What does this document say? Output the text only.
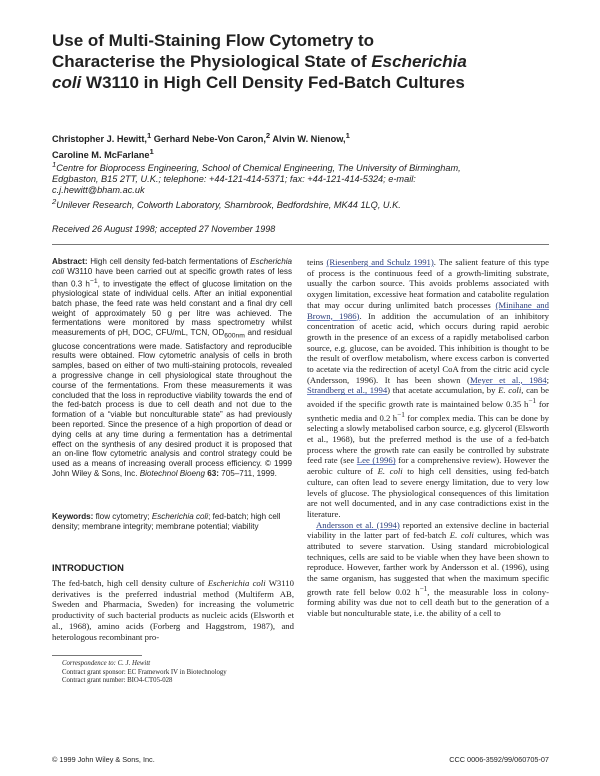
Use of Multi-Staining Flow Cytometry to Characterise the Physiological State of Escherichia coli W3110 in High Cell Density Fed-Batch Cultures
Christopher J. Hewitt,$^1$ Gerhard Nebe-Von Caron,$^2$ Alvin W. Nienow,$^1$
Caroline M. McFarlane$^1$

$^1$Centre for Bioprocess Engineering, School of Chemical Engineering, The University of Birmingham, Edgbaston, B15 2TT, U.K.; telephone: +44-121-414-5371; fax: +44-121-414-5324; e-mail: c.j.hewitt@bham.ac.uk

$^2$Unilever Research, Colworth Laboratory, Sharnbrook, Bedfordshire, MK44 1LQ, U.K.

Received 26 August 1998; accepted 27 November 1998

Abstract: High cell density fed-batch fermentations of Escherichia coli W3110 have been carried out at specific growth rates of less than 0.3 $h^{-1}$, to investigate the effect of glucose limitation on the physiological state of individual cells. After an initial exponential batch phase, the feed rate was held constant and a final dry cell weight of approximately 50 g per litre was achieved. The fermentations were monitored by mass spectrometry whilst measurements of pH, DOC, CFU/mL, TCN, $OD_{600nm}$ and residual glucose concentrations were made. Satisfactory and reproducible results were obtained. Flow cytometric analysis of cells in broth samples, based on either of two multi-staining protocols, revealed a progressive change in cell physiological state throughout the course of the fermentations. From these measurements it was concluded that the loss in reproductive viability towards the end of the fed-batch process is due to cell death and not due to the formation of a “viable but nonculturable state” as had previously been reported. Since the presence of a high proportion of dead or dying cells at any time during a fermentation has a detrimental effect on the synthesis of any desired product it is proposed that an on-line flow cytometric analysis and control strategy could be used as a means of increasing overall process efficiency. © 1999 John Wiley & Sons, Inc. Biotechnol Bioeng 63: 705–711, 1999.

Keywords: flow cytometry; Escherichia coli; fed-batch; high cell density; membrane integrity; membrane potential; viability

INTRODUCTION

The fed-batch, high cell density culture of Escherichia coli W3110 derivatives is the preferred industrial method (Multiferm AB, Sweden and Pharmacia, Sweden) for increasing the volumetric productivity of such bacterial products as nucleic acids (Elsworth et al., 1968), amino acids (Forberg and Haggstrom, 1987), and heterologous recombinant pro-

Correspondence to: C. J. Hewitt
Contract grant sponsor: EC Framework IV in Biotechnology
Contract grant number: BIO4-CT05-028

teins (Riesenberg and Schulz 1991). The salient feature of this type of process is the continuous feed of a growth-limiting substrate, usually the carbon source. This avoids problems associated with oxygen limitation, excessive heat formation and catabolite regulation that may occur during unlimited batch processes (Minihane and Brown, 1986). In addition the accumulation of an inhibitory concentration of acetic acid, which occurs during rapid aerobic growth in the presence of an excess of a rapidly metabolised carbon source, e.g. glucose, can be avoided. This inhibition is thought to be the result of overflow metabolism, where excess carbon is converted to acetate via the redirection of acetyl CoA from the citric acid cycle (Andersson, 1996). It has been shown (Meyer et al., 1984; Strandberg et al., 1994) that acetate accumulation, by E. coli, can be avoided if the specific growth rate is maintained below 0.35 $h^{-1}$ for synthetic media and 0.2 $h^{-1}$ for complex media. This can be done by selecting a slowly metabolised carbon source, e.g. glycerol (Elsworth et al., 1968), but the preferred method is the use of a fed-batch process where the growth rate can easily be controlled by substrate feed rate (see Lee (1996) for a comprehensive review). However the aerobic culture of E. coli to high cell densities, using fed-batch culture, can often lead to severe energy limitation, due to very low levels of glucose. The physiological consequences of this limitation are not well documented, and in any case contradictions exist in the literature.

Andersson et al. (1994) reported an extensive decline in bacterial viability in the latter part of fed-batch E. coli cultures, which was attributed to severe starvation. Using standard microbiological techniques, cells are said to be viable when they have been shown to reproduce. However, farther work by Andersson et al. (1996), using the same organism, has suggested that when the maximum specific growth rate fell below 0.02 $h^{-1}$, the measurable loss in colony-forming ability was due not to cell death but to the generation of a viable but nonculturable state, i.e. the ability of a cell to

© 1999 John Wiley & Sons, Inc.	CCC 0006-3592/99/060705-07
